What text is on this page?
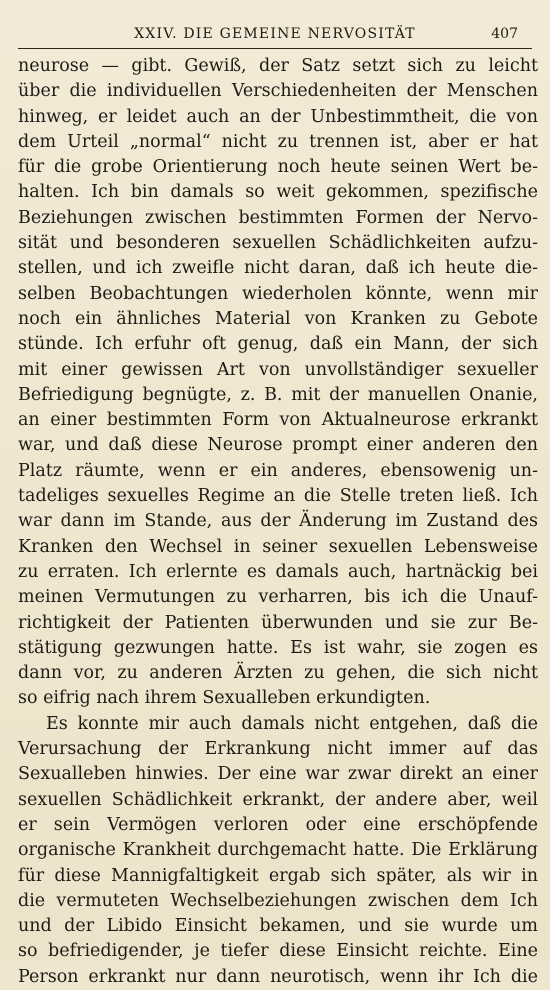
XXIV. DIE GEMEINE NERVOSITÄT	407
neurose — gibt. Gewiß, der Satz setzt sich zu leicht
über die individuellen Verschiedenheiten der Menschen
hinweg, er leidet auch an der Unbestimmtheit, die von
dem Urteil „normal“ nicht zu trennen ist, aber er hat
für die grobe Orientierung noch heute seinen Wert be-
halten. Ich bin damals so weit gekommen, spezifische
Beziehungen zwischen bestimmten Formen der Nervo-
sität und besonderen sexuellen Schädlichkeiten aufzu-
stellen, und ich zweifle nicht daran, daß ich heute die-
selben Beobachtungen wiederholen könnte, wenn mir
noch ein ähnliches Material von Kranken zu Gebote
stünde. Ich erfuhr oft genug, daß ein Mann, der sich
mit einer gewissen Art von unvollständiger sexueller
Befriedigung begnügte, z. B. mit der manuellen Onanie,
an einer bestimmten Form von Aktualneurose erkrankt
war, und daß diese Neurose prompt einer anderen den
Platz räumte, wenn er ein anderes, ebensowenig un-
tadeliges sexuelles Regime an die Stelle treten ließ. Ich
war dann im Stande, aus der Änderung im Zustand des
Kranken den Wechsel in seiner sexuellen Lebensweise
zu erraten. Ich erlernte es damals auch, hartnäckig bei
meinen Vermutungen zu verharren, bis ich die Unauf-
richtigkeit der Patienten überwunden und sie zur Be-
stätigung gezwungen hatte. Es ist wahr, sie zogen es
dann vor, zu anderen Ärzten zu gehen, die sich nicht
so eifrig nach ihrem Sexualleben erkundigten.
Es konnte mir auch damals nicht entgehen, daß die
Verursachung der Erkrankung nicht immer auf das
Sexualleben hinwies. Der eine war zwar direkt an einer
sexuellen Schädlichkeit erkrankt, der andere aber, weil
er sein Vermögen verloren oder eine erschöpfende
organische Krankheit durchgemacht hatte. Die Erklärung
für diese Mannigfaltigkeit ergab sich später, als wir in
die vermuteten Wechselbeziehungen zwischen dem Ich
und der Libido Einsicht bekamen, und sie wurde um
so befriedigender, je tiefer diese Einsicht reichte. Eine
Person erkrankt nur dann neurotisch, wenn ihr Ich die
